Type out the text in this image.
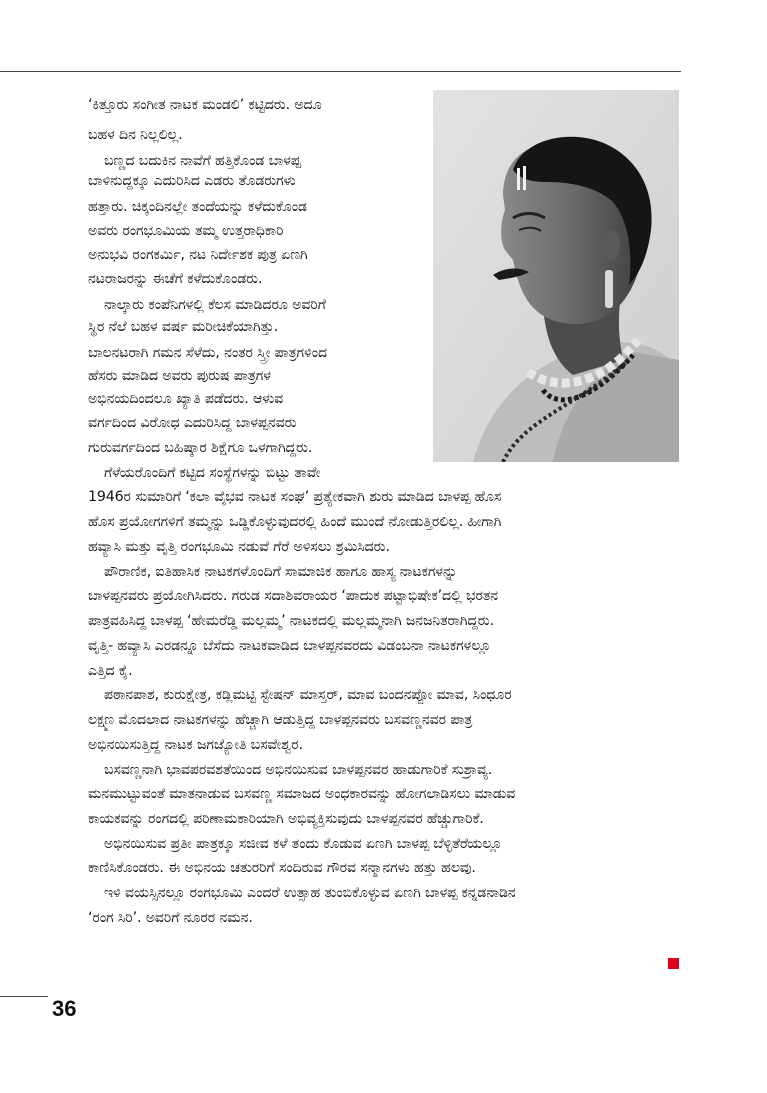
‘ಕಿತ್ತೂರು ಸಂಗೀತ ನಾಟಕ ಮಂಡಲಿ’ ಕಟ್ಟಿದರು. ಅದೂ
ಬಹಳ ದಿನ ನಿಲ್ಲಲಿಲ್ಲ.
ಬಣ್ಣದ ಬದುಕಿನ ನಾವೆಗೆ ಹತ್ತಿಕೊಂಡ ಬಾಳಪ್ಪ
ಬಾಳಿನುದ್ದಕ್ಕೂ ಎದುರಿಸಿದ ಎಡರು ತೊಡರುಗಳು
ಹತ್ತಾರು. ಚಿಕ್ಕಂದಿನಲ್ಲೇ ತಂದೆಯನ್ನು ಕಳೆದುಕೊಂಡ
ಅವರು ರಂಗಭೂಮಿಯ ತಮ್ಮ ಉತ್ತರಾಧಿಕಾರಿ
ಅನುಭವಿ ರಂಗಕರ್ಮಿ, ನಟ ನಿರ್ದೇಶಕ ಪುತ್ರ ಏಣಗಿ
ನಟರಾಜರನ್ನು ಈಚೆಗೆ ಕಳೆದುಕೊಂಡರು.
ನಾಲ್ಕಾರು ಕಂಪೆನಿಗಳಲ್ಲಿ ಕೆಲಸ ಮಾಡಿದರೂ ಅವರಿಗೆ
ಸ್ಥಿರ ನೆಲೆ ಬಹಳ ವರ್ಷ ಮರೀಚಿಕೆಯಾಗಿತ್ತು.
ಬಾಲನಟರಾಗಿ ಗಮನ ಸೆಳೆದು, ನಂತರ ಸ್ತ್ರೀ ಪಾತ್ರಗಳಿಂದ
ಹೆಸರು ಮಾಡಿದ ಅವರು ಪುರುಷ ಪಾತ್ರಗಳ
ಅಭಿನಯದಿಂದಲೂ ಖ್ಯಾತಿ ಪಡೆದರು. ಆಳುವ
ವರ್ಗದಿಂದ ವಿರೋಧ ಎದುರಿಸಿದ್ದ ಬಾಳಪ್ಪನವರು
ಗುರುವರ್ಗದಿಂದ ಬಹಿಷ್ಕಾರ ಶಿಕ್ಷೆಗೂ ಒಳಗಾಗಿದ್ದರು.
ಗೆಳೆಯರೊಂದಿಗೆ ಕಟ್ಟಿದ ಸಂಸ್ಥೆಗಳನ್ನು ಬಿಟ್ಟು ತಾವೇ
1946ರ ಸುಮಾರಿಗೆ ‘ಕಲಾ ವೈಭವ ನಾಟಕ ಸಂಘ’ ಪ್ರತ್ಯೇಕವಾಗಿ ಶುರು ಮಾಡಿದ ಬಾಳಪ್ಪ ಹೊಸ
ಹೊಸ ಪ್ರಯೋಗಗಳಿಗೆ ತಮ್ಮನ್ನು ಒಡ್ಡಿಕೊಳ್ಳುವುದರಲ್ಲಿ ಹಿಂದೆ ಮುಂದೆ ನೋಡುತ್ತಿರಲಿಲ್ಲ. ಹೀಗಾಗಿ
ಹವ್ಯಾಸಿ ಮತ್ತು ವೃತ್ತಿ ರಂಗಭೂಮಿ ನಡುವೆ ಗೆರೆ ಅಳಿಸಲು ಶ್ರಮಿಸಿದರು.
ಪೌರಾಣಿಕ, ಐತಿಹಾಸಿಕ ನಾಟಕಗಳೊಂದಿಗೆ ಸಾಮಾಜಿಕ ಹಾಗೂ ಹಾಸ್ಯ ನಾಟಕಗಳನ್ನು
ಬಾಳಪ್ಪನವರು ಪ್ರಯೋಗಿಸಿದರು. ಗರುಡ ಸದಾಶಿವರಾಯರ ‘ಪಾದುಕ ಪಟ್ಟಾಭಿಷೇಕ’ದಲ್ಲಿ ಭರತನ
ಪಾತ್ರವಹಿಸಿದ್ದ ಬಾಳಪ್ಪ ‘ಹೇಮರೆಡ್ಡಿ ಮಲ್ಲಮ್ಮ’ ನಾಟಕದಲ್ಲಿ ಮಲ್ಲಮ್ಮನಾಗಿ ಜನಜನಿತರಾಗಿದ್ದರು.
ವೃತ್ತಿ- ಹವ್ಯಾಸಿ ಎರಡನ್ನೂ ಬೆಸೆದು ನಾಟಕವಾಡಿದ ಬಾಳಪ್ಪನವರದು ವಿಡಂಬನಾ ನಾಟಕಗಳಲ್ಲೂ
ಎತ್ತಿದ ಕೈ.
ಪಠಾನಪಾಶ, ಕುರುಕ್ಷೇತ್ರ, ಕಡ್ಲಿಮಟ್ಟಿ ಸ್ಟೇಷನ್ ಮಾಸ್ತರ್, ಮಾವ ಬಂದನಪ್ಪೋ ಮಾವ, ಸಿಂಧೂರ
ಲಕ್ಷ್ಮಣ ಮೊದಲಾದ ನಾಟಕಗಳನ್ನು ಹೆಚ್ಚಾಗಿ ಆಡುತ್ತಿದ್ದ ಬಾಳಪ್ಪನವರು ಬಸವಣ್ಣನವರ ಪಾತ್ರ
ಅಭಿನಯಿಸುತ್ತಿದ್ದ ನಾಟಕ ಜಗಜ್ಯೋತಿ ಬಸವೇಶ್ವರ.
ಬಸವಣ್ಣನಾಗಿ ಭಾವಪರವಶತೆಯಿಂದ ಅಭಿನಯಿಸುವ ಬಾಳಪ್ಪನವರ ಹಾಡುಗಾರಿಕೆ ಸುಶ್ರಾವ್ಯ.
ಮನಮುಟ್ಟುವಂತೆ ಮಾತನಾಡುವ ಬಸವಣ್ಣ ಸಮಾಜದ ಅಂಧಕಾರವನ್ನು ಹೋಗಲಾಡಿಸಲು ಮಾಡುವ
ಕಾಯಕವನ್ನು ರಂಗದಲ್ಲಿ ಪರಿಣಾಮಕಾರಿಯಾಗಿ ಅಭಿವ್ಯಕ್ತಿಸುವುದು ಬಾಳಪ್ಪನವರ ಹೆಚ್ಚುಗಾರಿಕೆ.
ಅಭಿನಯಿಸುವ ಪ್ರತೀ ಪಾತ್ರಕ್ಕೂ ಸಜೀವ ಕಳೆ ತಂದು ಕೊಡುವ ಏಣಗಿ ಬಾಳಪ್ಪ ಬೆಳ್ಳಿತೆರೆಯಲ್ಲೂ
ಕಾಣಿಸಿಕೊಂಡರು. ಈ ಅಭಿನಯ ಚತುರರಿಗೆ ಸಂದಿರುವ ಗೌರವ ಸನ್ಮಾನಗಳು ಹತ್ತು ಹಲವು.
ಇಳಿ ವಯಸ್ಸಿನಲ್ಲೂ ರಂಗಭೂಮಿ ಎಂದರೆ ಉತ್ಸಾಹ ತುಂಬಿಕೊಳ್ಳುವ ಏಣಗಿ ಬಾಳಪ್ಪ ಕನ್ನಡನಾಡಿನ
‘ರಂಗ ಸಿರಿ’. ಅವರಿಗೆ ನೂರರ ನಮನ.
36
